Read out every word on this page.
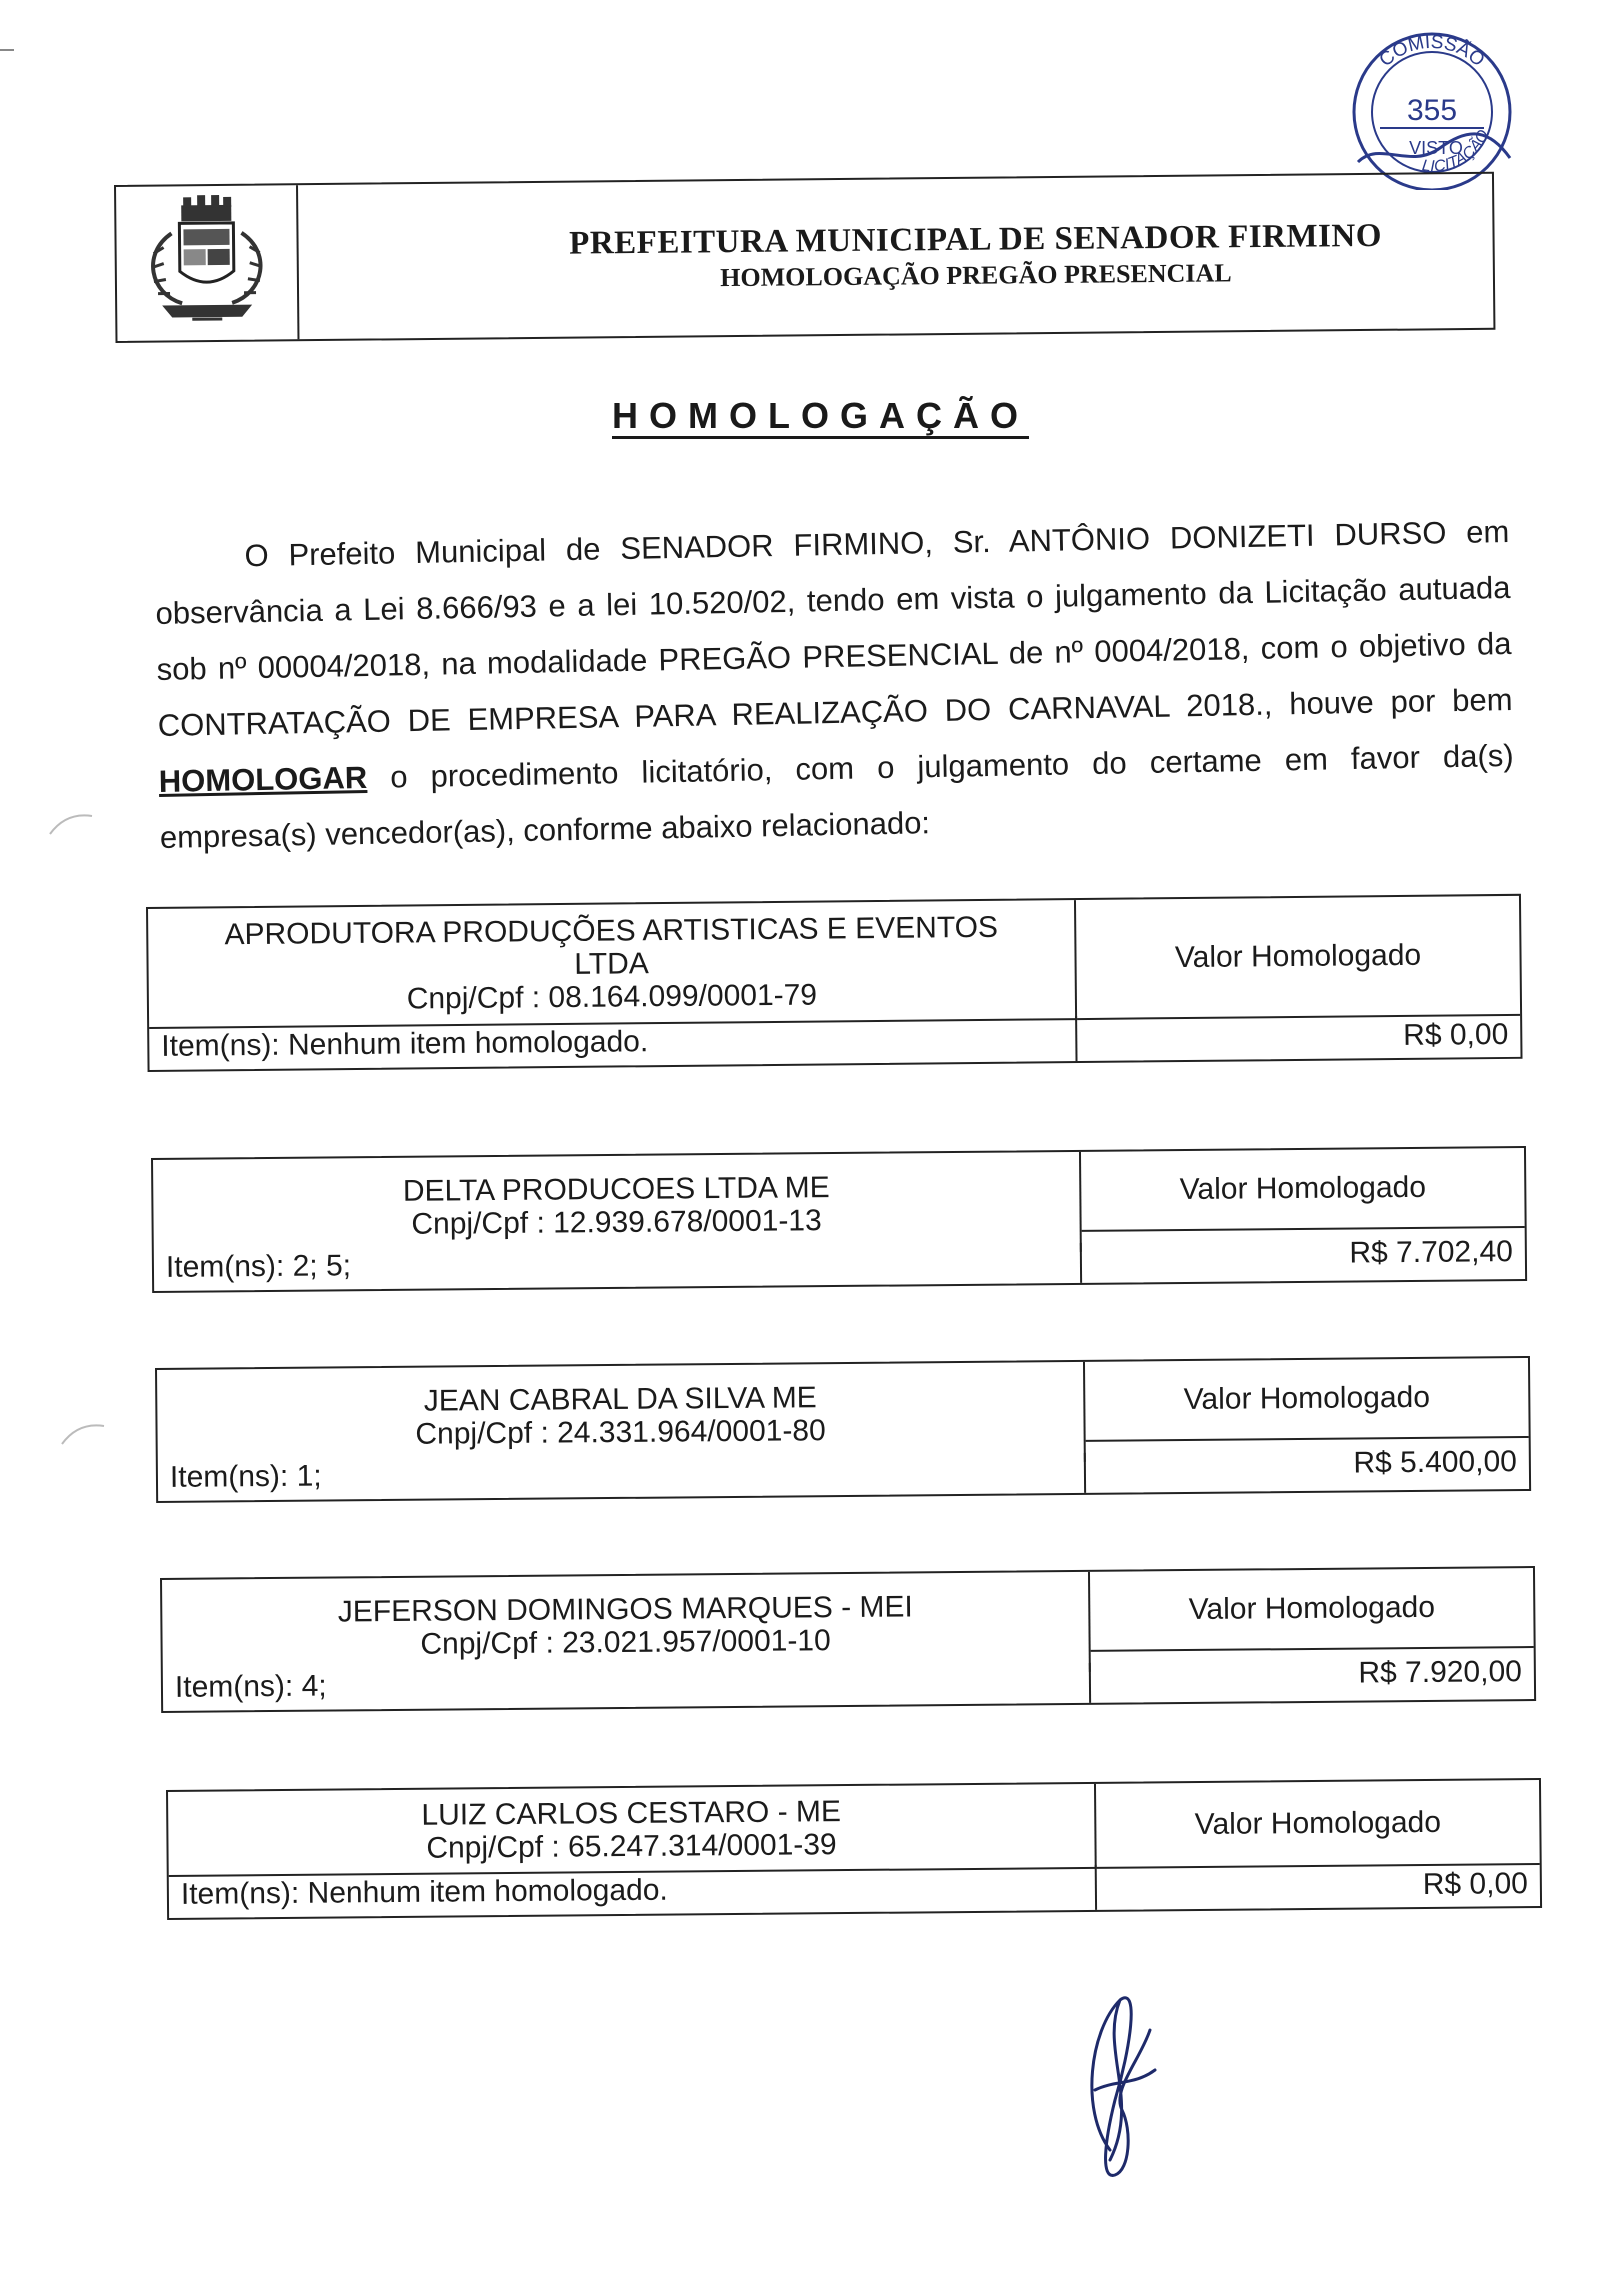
COMISSÃO
355
VISTO
LICITAÇÃO
PREFEITURA MUNICIPAL DE SENADOR FIRMINO
HOMOLOGAÇÃO PREGÃO PRESENCIAL
HOMOLOGAÇÃO
O Prefeito Municipal de SENADOR FIRMINO, Sr. ANTÔNIO DONIZETI DURSO em observância a Lei 8.666/93 e a lei 10.520/02, tendo em vista o julgamento da Licitação autuada sob nº 00004/2018, na modalidade PREGÃO PRESENCIAL de nº 0004/2018, com o objetivo da CONTRATAÇÃO DE EMPRESA PARA REALIZAÇÃO DO CARNAVAL 2018., houve por bem HOMOLOGAR o procedimento licitatório, com o julgamento do certame em favor da(s) empresa(s) vencedor(as), conforme abaixo relacionado:
APRODUTORA PRODUÇÕES ARTISTICAS E EVENTOS
LTDA
Cnpj/Cpf : 08.164.099/0001-79
Valor Homologado
Item(ns): Nenhum item homologado.	R$ 0,00
DELTA PRODUCOES LTDA ME
Cnpj/Cpf : 12.939.678/0001-13
Valor Homologado
Item(ns): 2; 5;	R$ 7.702,40
JEAN CABRAL DA SILVA ME
Cnpj/Cpf : 24.331.964/0001-80
Valor Homologado
Item(ns): 1;	R$ 5.400,00
JEFERSON DOMINGOS MARQUES - MEI
Cnpj/Cpf : 23.021.957/0001-10
Valor Homologado
Item(ns): 4;	R$ 7.920,00
LUIZ CARLOS CESTARO - ME
Cnpj/Cpf : 65.247.314/0001-39
Valor Homologado
Item(ns): Nenhum item homologado.	R$ 0,00
